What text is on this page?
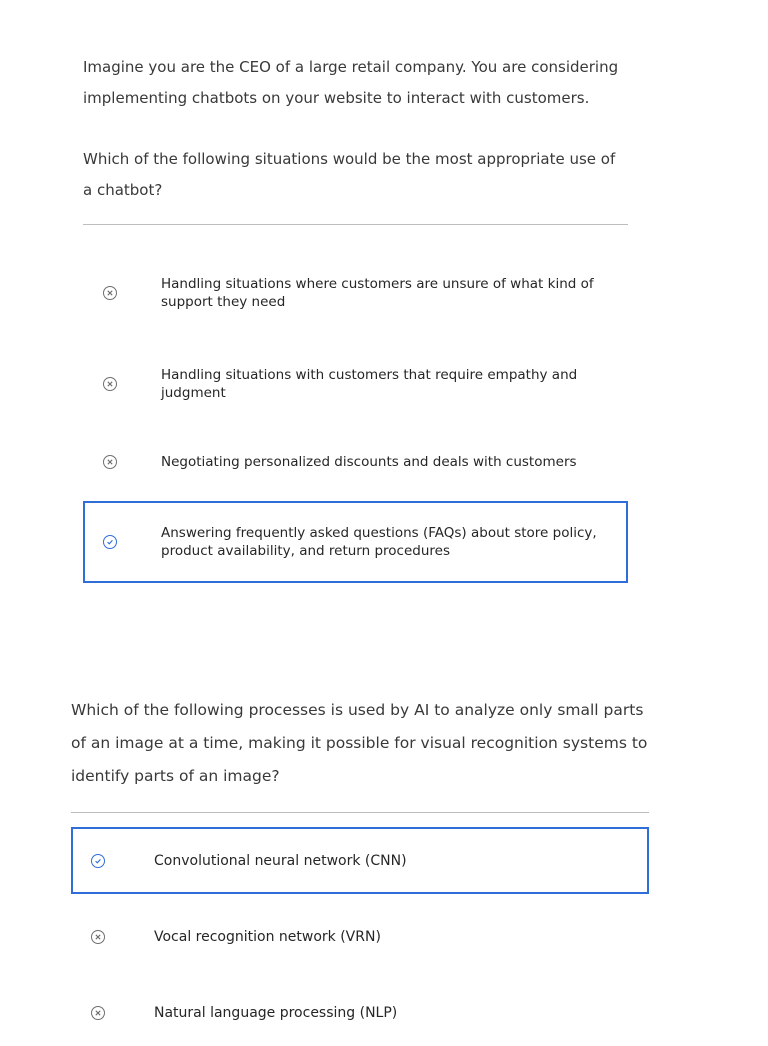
Imagine you are the CEO of a large retail company. You are considering implementing chatbots on your website to interact with customers.

Which of the following situations would be the most appropriate use of a chatbot?

Handling situations where customers are unsure of what kind of support they need
Handling situations with customers that require empathy and judgment
Negotiating personalized discounts and deals with customers
Answering frequently asked questions (FAQs) about store policy, product availability, and return procedures

Which of the following processes is used by AI to analyze only small parts of an image at a time, making it possible for visual recognition systems to identify parts of an image?

Convolutional neural network (CNN)
Vocal recognition network (VRN)
Natural language processing (NLP)
